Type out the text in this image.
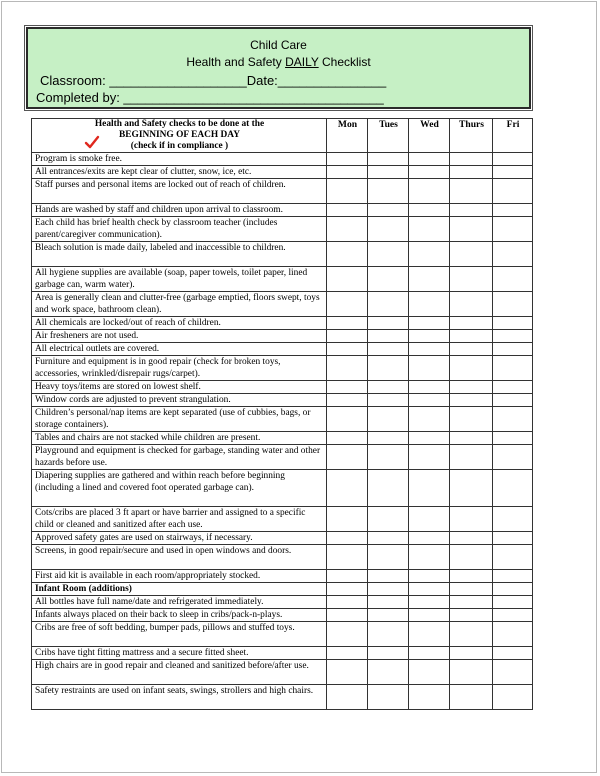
Child Care
Health and Safety DAILY Checklist
Classroom: ___________________Date:_______________
Completed by: ____________________________________
Health and Safety checks to be done at the
BEGINNING OF EACH DAY
(check if in compliance )	Mon	Tues	Wed	Thurs	Fri
Program is smoke free.					
All entrances/exits are kept clear of clutter, snow, ice, etc.					
Staff purses and personal items are locked out of reach of children.					
Hands are washed by staff and children upon arrival to classroom.					
Each child has brief health check by classroom teacher (includes parent/caregiver communication).					
Bleach solution is made daily, labeled and inaccessible to children.					
All hygiene supplies are available (soap, paper towels, toilet paper, lined garbage can, warm water).					
Area is generally clean and clutter-free (garbage emptied, floors swept, toys and work space, bathroom clean).					
All chemicals are locked/out of reach of children.					
Air fresheners are not used.					
All electrical outlets are covered.					
Furniture and equipment is in good repair (check for broken toys, accessories, wrinkled/disrepair rugs/carpet).					
Heavy toys/items are stored on lowest shelf.					
Window cords are adjusted to prevent strangulation.					
Children’s personal/nap items are kept separated (use of cubbies, bags, or storage containers).					
Tables and chairs are not stacked while children are present.					
Playground and equipment is checked for garbage, standing water and other hazards before use.					
Diapering supplies are gathered and within reach before beginning (including a lined and covered foot operated garbage can).					
Cots/cribs are placed 3 ft apart or have barrier and assigned to a specific child or cleaned and sanitized after each use.					
Approved safety gates are used on stairways, if necessary.					
Screens, in good repair/secure and used in open windows and doors.					
First aid kit is available in each room/appropriately stocked.					
Infant Room (additions)					
All bottles have full name/date and refrigerated immediately.					
Infants always placed on their back to sleep in cribs/pack-n-plays.					
Cribs are free of soft bedding, bumper pads, pillows and stuffed toys.					
Cribs have tight fitting mattress and a secure fitted sheet.					
High chairs are in good repair and cleaned and sanitized before/after use.					
Safety restraints are used on infant seats, swings, strollers and high chairs.					
